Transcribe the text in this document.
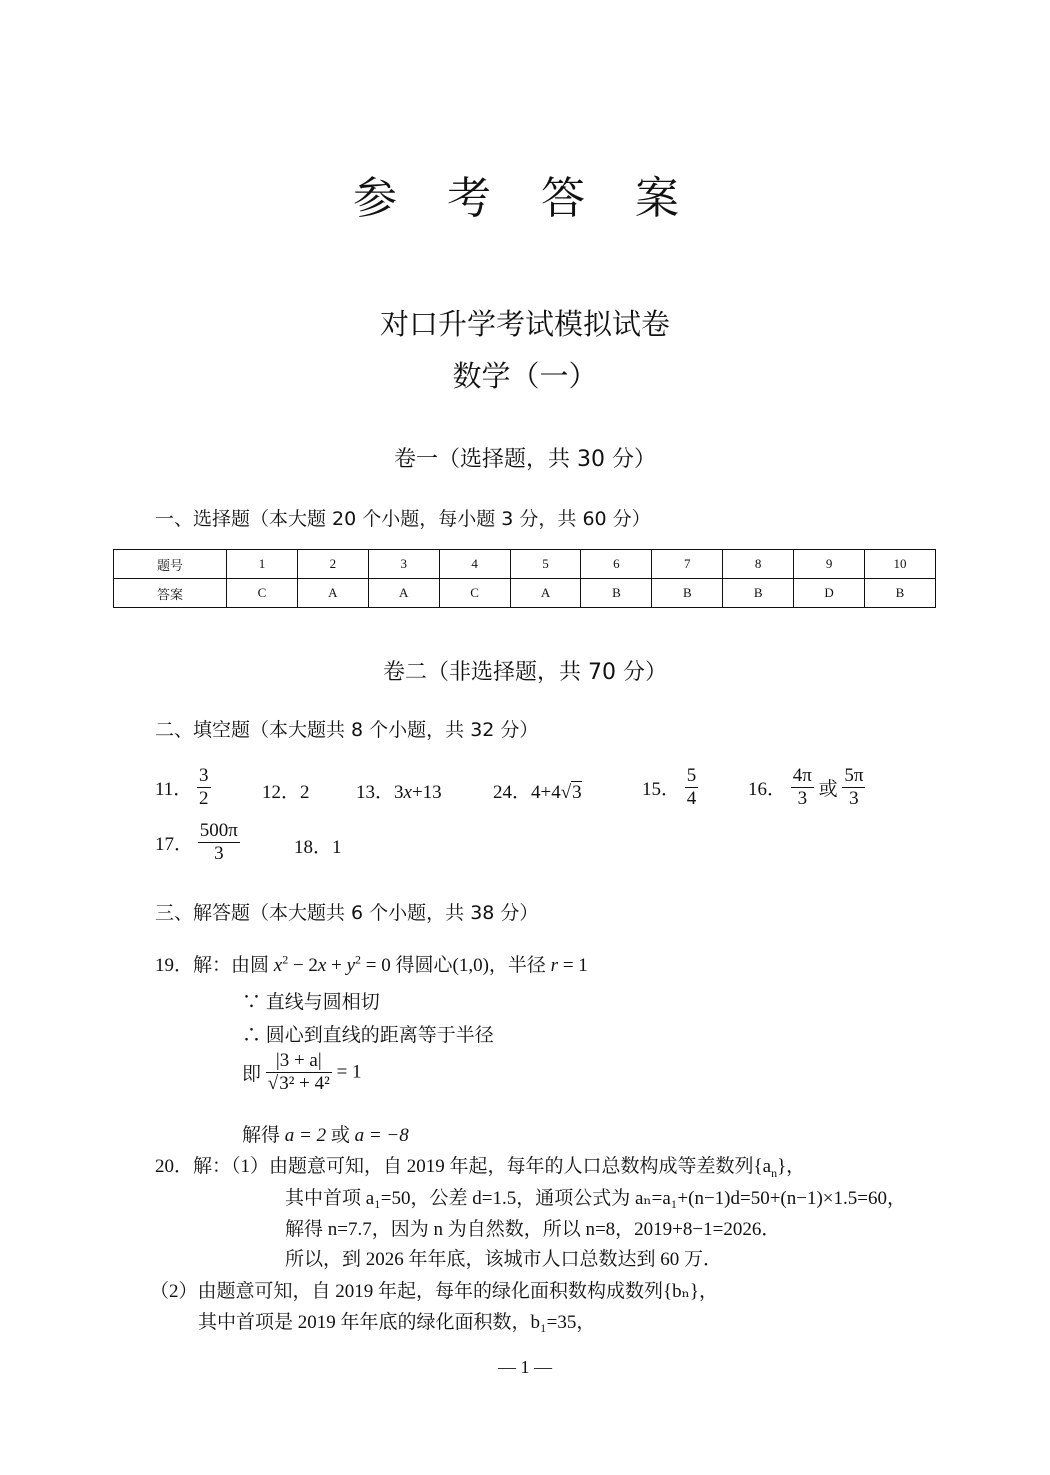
参 考 答 案
对口升学考试模拟试卷
数学（一）
卷一（选择题，共 30 分）
一、选择题（本大题 20 个小题，每小题 3 分，共 60 分）
题号	1	2	3	4	5	6	7	8	9	10
答案	C	A	A	C	A	B	B	B	D	B
卷二（非选择题，共 70 分）
二、填空题（本大题共 8 个小题，共 32 分）
11． $\frac{3}{2}$	12．2 13．3x+13	24．4+4√3	15． $\frac{5}{4}$	16． $\frac{4\pi}{3}$ 或 $\frac{5\pi}{3}$
17． $\frac{500\pi}{3}$	18．1
三、解答题（本大题共 6 个小题，共 38 分）
19．解：由圆 $x^2 - 2x + y^2 = 0$ 得圆心(1,0)，半径 r = 1
∵ 直线与圆相切
∴ 圆心到直线的距离等于半径
即 $\frac{|3 + a|}{\text{√3² + 4²}} = 1$
解得 a = 2 或 a = −8
20．解：（1）由题意可知，自 2019 年起，每年的人口总数构成等差数列$\{a_n\}$，
其中首项 a₁=50，公差 d=1.5，通项公式为 aₙ=a₁+(n−1)d=50+(n−1)×1.5=60，
解得 n=7.7，因为 n 为自然数，所以 n=8，2019+8−1=2026．
所以，到 2026 年年底，该城市人口总数达到 60 万．
（2）由题意可知，自 2019 年起，每年的绿化面积数构成数列{bₙ}，
其中首项是 2019 年年底的绿化面积数，b₁=35，
— 1 —
